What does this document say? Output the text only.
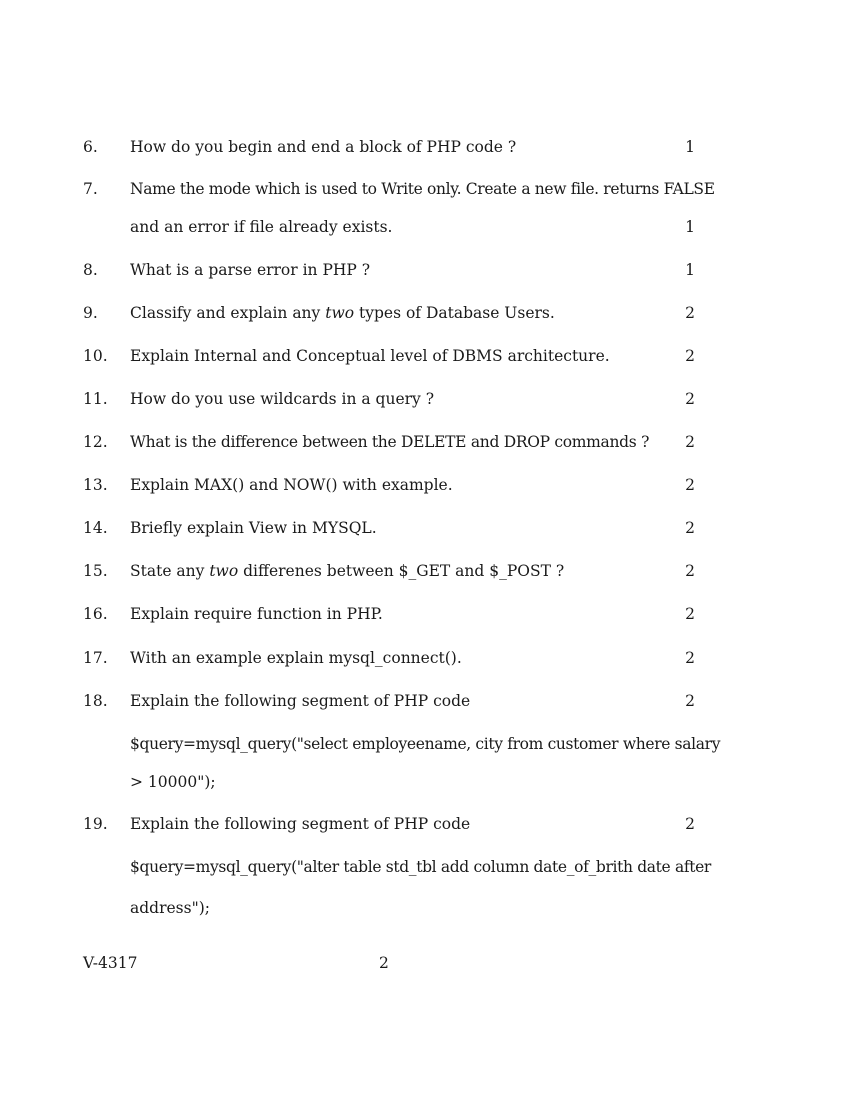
6. How do you begin and end a block of PHP code ?	1
7. Name the mode which is used to Write only. Create a new file. returns FALSE
and an error if file already exists.	1
8. What is a parse error in PHP ?	1
9. Classify and explain any two types of Database Users.	2
10. Explain Internal and Conceptual level of DBMS architecture.	2
11. How do you use wildcards in a query ?	2
12. What is the difference between the DELETE and DROP commands ? 2
13. Explain MAX() and NOW() with example.	2
14. Briefly explain View in MYSQL.	2
15. State any two differenes between $_GET and $_POST ?	2
16. Explain require function in PHP.	2
17. With an example explain mysql_connect().	2
18. Explain the following segment of PHP code	2
$query=mysql_query("select employeename, city from customer where salary
> 10000");
19. Explain the following segment of PHP code	2
$query=mysql_query("alter table std_tbl add column date_of_brith date after
address");
V-4317	2
